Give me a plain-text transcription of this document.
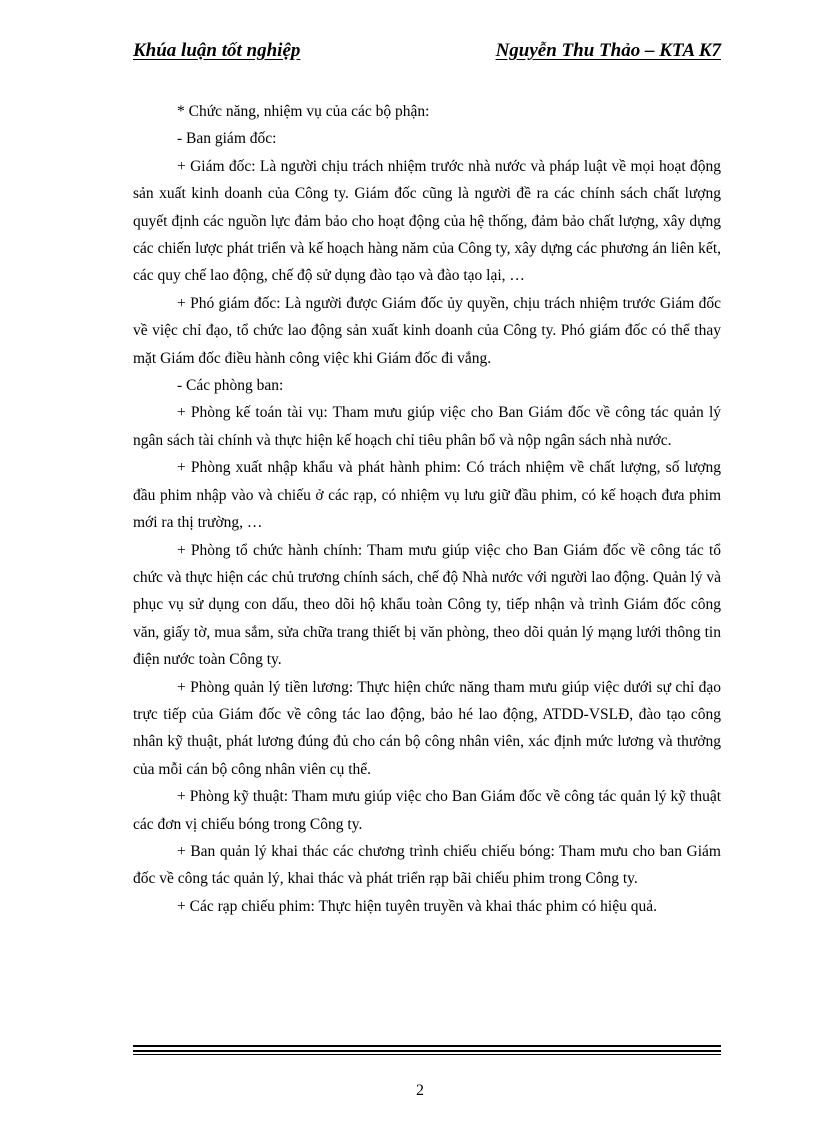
Khúa luận tốt nghiệp	Nguyễn Thu Thảo – KTA K7

* Chức năng, nhiệm vụ của các bộ phận:

- Ban giám đốc:

+ Giám đốc: Là người chịu trách nhiệm trước nhà nước và pháp luật về mọi hoạt động sản xuất kinh doanh của Công ty. Giám đốc cũng là người đề ra các chính sách chất lượng quyết định các nguồn lực đảm bảo cho hoạt động của hệ thống, đảm bảo chất lượng, xây dựng các chiến lược phát triển và kế hoạch hàng năm của Công ty, xây dựng các phương án liên kết, các quy chế lao động, chế độ sử dụng đào tạo và đào tạo lại, …

+ Phó giám đốc: Là người được Giám đốc ủy quyền, chịu trách nhiệm trước Giám đốc về việc chỉ đạo, tổ chức lao động sản xuất kinh doanh của Công ty. Phó giám đốc có thể thay mặt Giám đốc điều hành công việc khi Giám đốc đi vắng.

- Các phòng ban:

+ Phòng kế toán tài vụ: Tham mưu giúp việc cho Ban Giám đốc về công tác quản lý ngân sách tài chính và thực hiện kế hoạch chỉ tiêu phân bổ và nộp ngân sách nhà nước.

+ Phòng xuất nhập khẩu và phát hành phim: Có trách nhiệm về chất lượng, số lượng đầu phim nhập vào và chiếu ở các rạp, có nhiệm vụ lưu giữ đầu phim, có kế hoạch đưa phim mới ra thị trường, …

+ Phòng tổ chức hành chính: Tham mưu giúp việc cho Ban Giám đốc về công tác tổ chức và thực hiện các chủ trương chính sách, chế độ Nhà nước với người lao động. Quản lý và phục vụ sử dụng con dấu, theo dõi hộ khẩu toàn Công ty, tiếp nhận và trình Giám đốc công văn, giấy tờ, mua sắm, sửa chữa trang thiết bị văn phòng, theo dõi quản lý mạng lưới thông tin điện nước toàn Công ty.

+ Phòng quản lý tiền lương: Thực hiện chức năng tham mưu giúp việc dưới sự chỉ đạo trực tiếp của Giám đốc về công tác lao động, bảo hé lao động, ATDD-VSLĐ, đào tạo công nhân kỹ thuật, phát lương đúng đủ cho cán bộ công nhân viên, xác định mức lương và thưởng của mỗi cán bộ công nhân viên cụ thể.

+ Phòng kỹ thuật: Tham mưu giúp việc cho Ban Giám đốc về công tác quản lý kỹ thuật các đơn vị chiếu bóng trong Công ty.

+ Ban quản lý khai thác các chương trình chiếu chiếu bóng: Tham mưu cho ban Giám đốc về công tác quản lý, khai thác và phát triển rạp bãi chiếu phim trong Công ty.

+ Các rạp chiếu phim: Thực hiện tuyên truyền và khai thác phim có hiệu quả.

2
